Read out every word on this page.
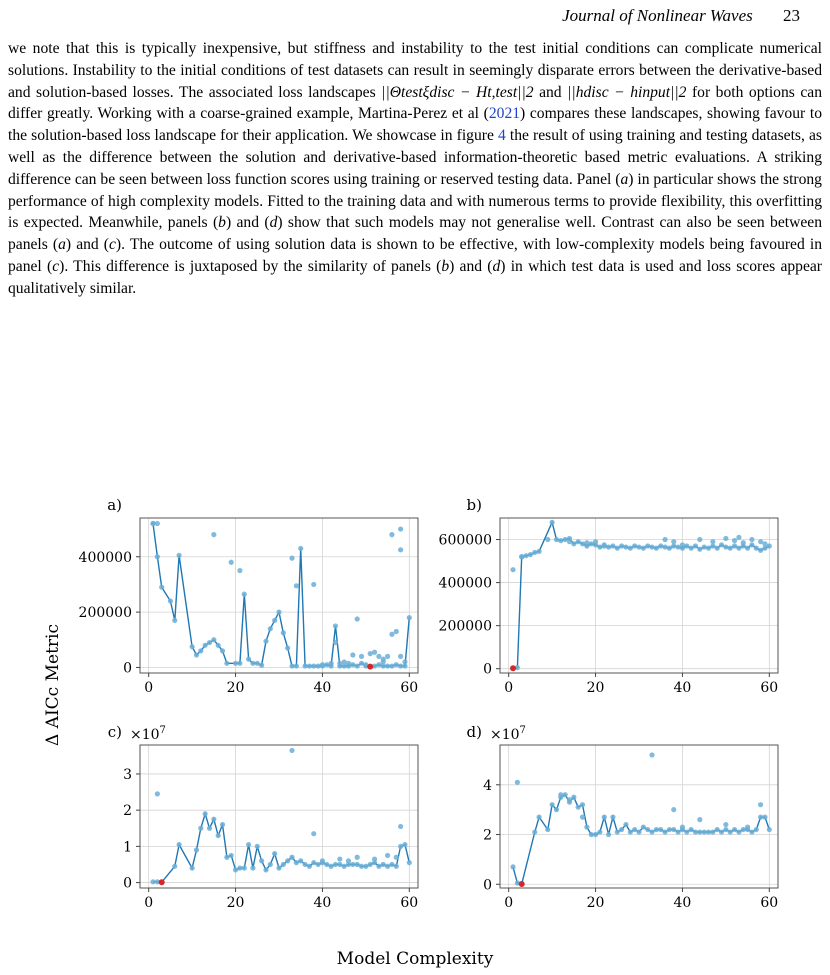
Journal of Nonlinear Waves 23

we note that this is typically inexpensive, but stiffness and instability to the test initial conditions can complicate numerical solutions. Instability to the initial conditions of test datasets can result in seemingly disparate errors between the derivative-based and solution-based losses. The associated loss landscapes ||Θtestξdisc − Ht,test||2 and ||hdisc − hinput||2 for both options can differ greatly. Working with a coarse-grained example, Martina-Perez et al (2021) compares these landscapes, showing favour to the solution-based loss landscape for their application. We showcase in figure 4 the result of using training and testing datasets, as well as the difference between the solution and derivative-based information-theoretic based metric evaluations. A striking difference can be seen between loss function scores using training or reserved testing data. Panel (a) in particular shows the strong performance of high complexity models. Fitted to the training data and with numerous terms to provide flexibility, this overfitting is expected. Meanwhile, panels (b) and (d) show that such models may not generalise well. Contrast can also be seen between panels (a) and (c). The outcome of using solution data is shown to be effective, with low-complexity models being favoured in panel (c). This difference is juxtaposed by the similarity of panels (b) and (d) in which test data is used and loss scores appear qualitatively similar.

Δ AICc Metric
Model Complexity
0	20	40	60
0
200000
400000
a)
0	20	40	60
0
200000
400000
600000
b)
0	20	40	60
0
1
2
3
$c) \times 10^7$
0	20	40	60
0
2
4
$d) \times 10^7$
